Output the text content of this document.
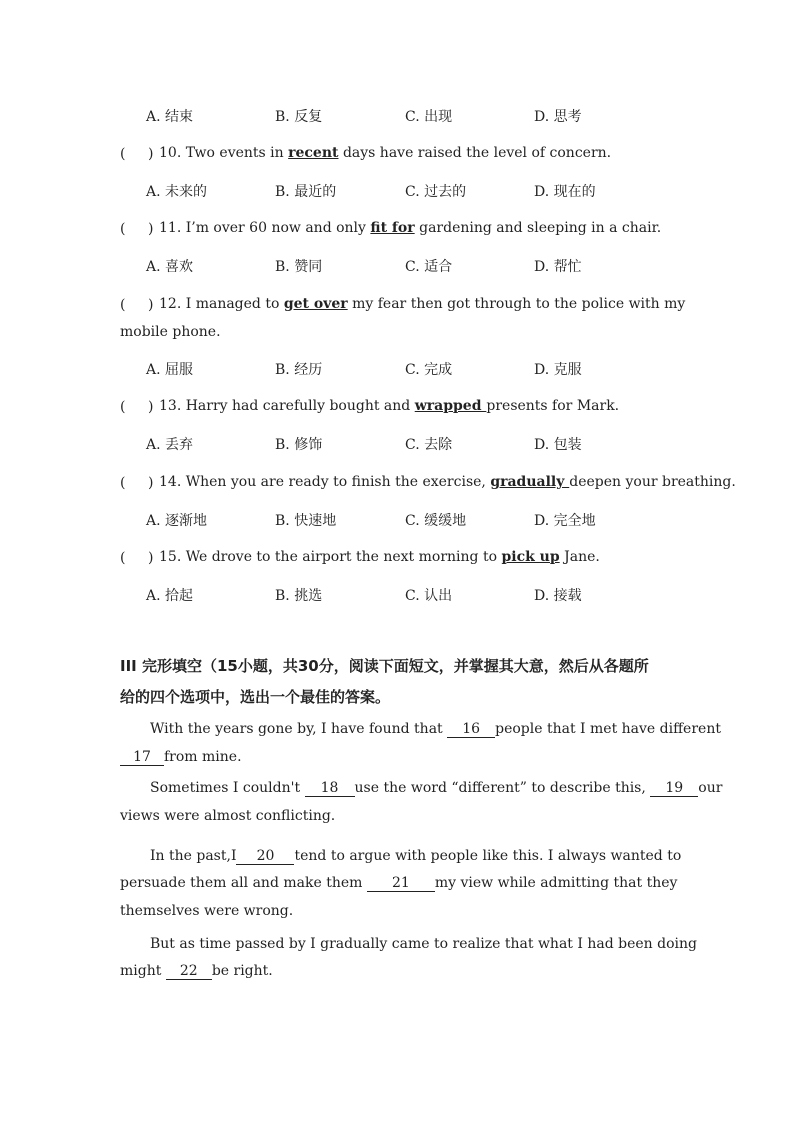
A. 结束	B. 反复	C. 出现	D. 思考
( ) 10. Two events in recent days have raised the level of concern.
A. 未来的	B. 最近的	C. 过去的	D. 现在的
( ) 11. I’m over 60 now and only fit for gardening and sleeping in a chair.
A. 喜欢	B. 赞同	C. 适合	D. 帮忙
( ) 12. I managed to get over my fear then got through to the police with my
mobile phone.
A. 屈服	B. 经历	C. 完成	D. 克服
( ) 13. Harry had carefully bought and wrapped presents for Mark.
A. 丢弃	B. 修饰	C. 去除	D. 包装
( ) 14. When you are ready to finish the exercise, gradually deepen your breathing.
A. 逐渐地	B. 快速地	C. 缓缓地	D. 完全地
( ) 15. We drove to the airport the next morning to pick up Jane.
A. 拾起	B. 挑选	C. 认出	D. 接载
III 完形填空（15小题，共30分，阅读下面短文，并掌握其大意，然后从各题所
给的四个选项中，选出一个最佳的答案。
With the years gone by, I have found that 16 people that I met have different
17 from mine.
Sometimes I couldn't 18 use the word “different” to describe this, 19 our
views were almost conflicting.
In the past,I 20 tend to argue with people like this. I always wanted to
persuade them all and make them 21 my view while admitting that they
themselves were wrong.
But as time passed by I gradually came to realize that what I had been doing
might 22 be right.
